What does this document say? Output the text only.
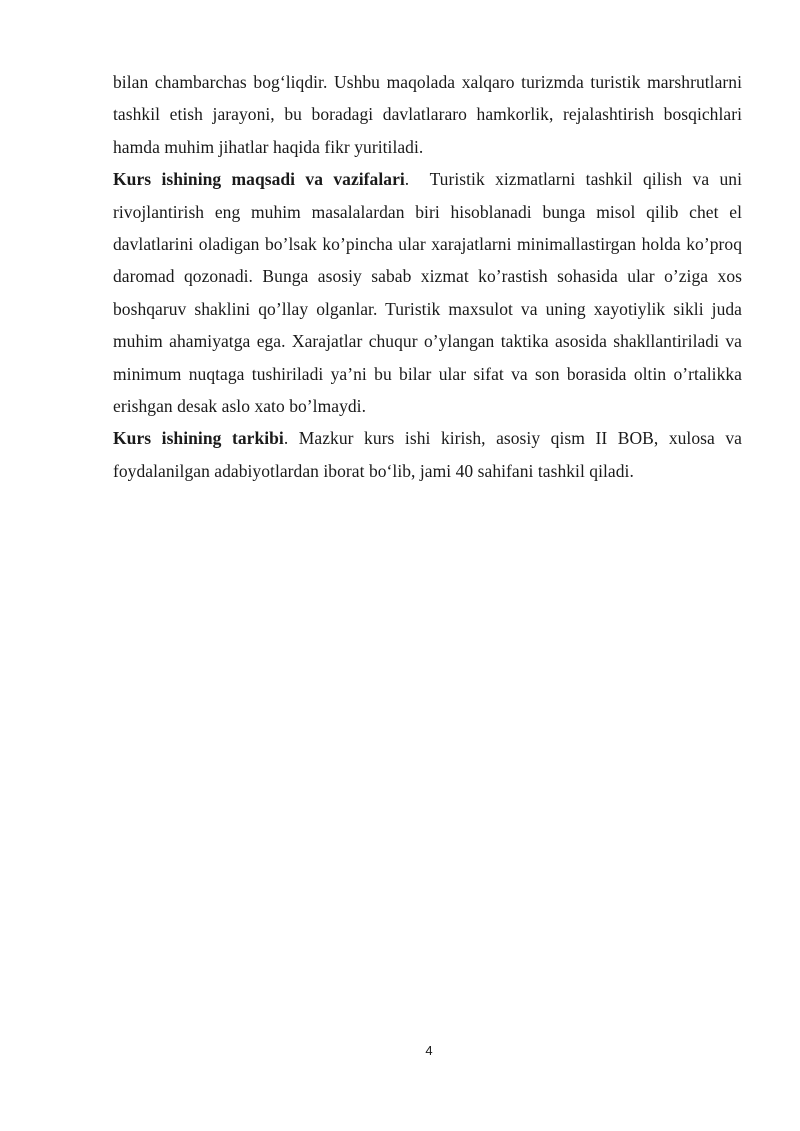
bilan chambarchas bog‘liqdir. Ushbu maqolada xalqaro turizmda turistik marshrutlarni tashkil etish jarayoni, bu boradagi davlatlararo hamkorlik, rejalashtirish bosqichlari hamda muhim jihatlar haqida fikr yuritiladi.

Kurs ishining maqsadi va vazifalari.  Turistik xizmatlarni tashkil qilish va uni rivojlantirish eng muhim masalalardan biri hisoblanadi bunga misol qilib chet el davlatlarini oladigan bo’lsak ko’pincha ular xarajatlarni minimallastirgan holda ko’proq daromad qozonadi. Bunga asosiy sabab xizmat ko’rastish sohasida ular o’ziga xos boshqaruv shaklini qo’llay olganlar. Turistik maxsulot va uning xayotiylik sikli juda muhim ahamiyatga ega. Xarajatlar chuqur o’ylangan taktika asosida shakllantiriladi va minimum nuqtaga tushiriladi ya’ni bu bilar ular sifat va son borasida oltin o’rtalikka erishgan desak aslo xato bo’lmaydi.

Kurs ishining tarkibi. Mazkur kurs ishi kirish, asosiy qism II BOB, xulosa va foydalanilgan adabiyotlardan iborat bo‘lib, jami 40 sahifani tashkil qiladi.

4
